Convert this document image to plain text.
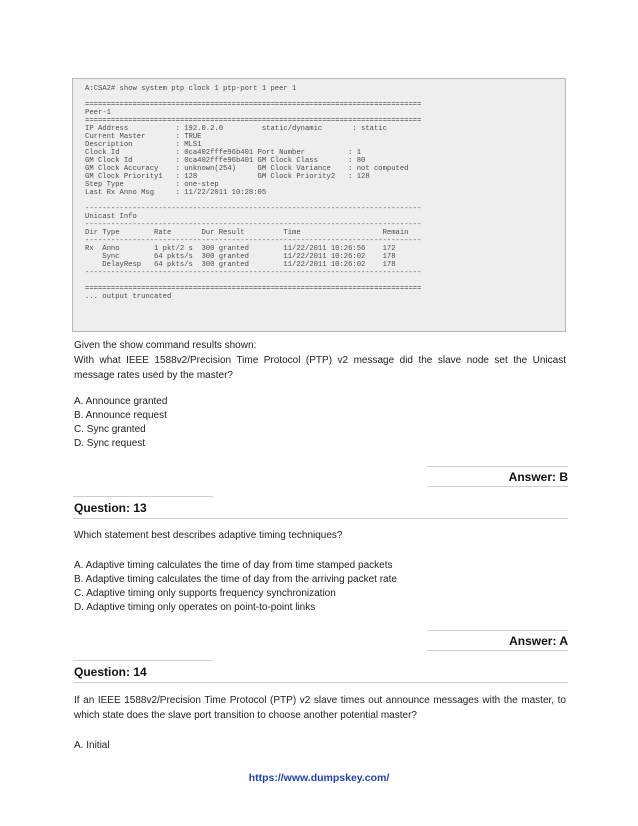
A:CSA2# show system ptp clock 1 ptp-port 1 peer 1
==============================================================================
Peer-1
==============================================================================
IP Address           : 192.0.2.0         static/dynamic       : static
Current Master       : TRUE
Description          : MLS1
Clock Id             : 0ca402fffe96b401 Port Number          : 1
GM Clock Id          : 0ca402fffe96b401 GM Clock Class       : 80
GM Clock Accuracy    : unknown(254)     GM Clock Variance    : not computed
GM Clock Priority1   : 128              GM Clock Priority2   : 128
Step Type            : one-step
Last Rx Anno Msg     : 11/22/2011 10:28:05
------------------------------------------------------------------------------
Unicast Info
------------------------------------------------------------------------------
Dir Type        Rate       Dur Result         Time                   Remain
------------------------------------------------------------------------------
Rx  Anno        1 pkt/2 s  300 granted        11/22/2011 10:26:56    172
Sync        64 pkts/s  300 granted        11/22/2011 10:26:02    178
DelayResp   64 pkts/s  300 granted        11/22/2011 10:26:02    178
------------------------------------------------------------------------------
==============================================================================
... output truncated
Given the show command results shown:
With what IEEE 1588v2/Precision Time Protocol (PTP) v2 message did the slave node set the Unicast message rates used by the master?
A. Announce granted
B. Announce request
C. Sync granted
D. Sync request
Answer: B
Question: 13
Which statement best describes adaptive timing techniques?
A. Adaptive timing calculates the time of day from time stamped packets
B. Adaptive timing calculates the time of day from the arriving packet rate
C. Adaptive timing only supports frequency synchronization
D. Adaptive timing only operates on point-to-point links
Answer: A
Question: 14
If an IEEE 1588v2/Precision Time Protocol (PTP) v2 slave times out announce messages with the master, to which state does the slave port transition to choose another potential master?
A. Initial
https://www.dumpskey.com/
